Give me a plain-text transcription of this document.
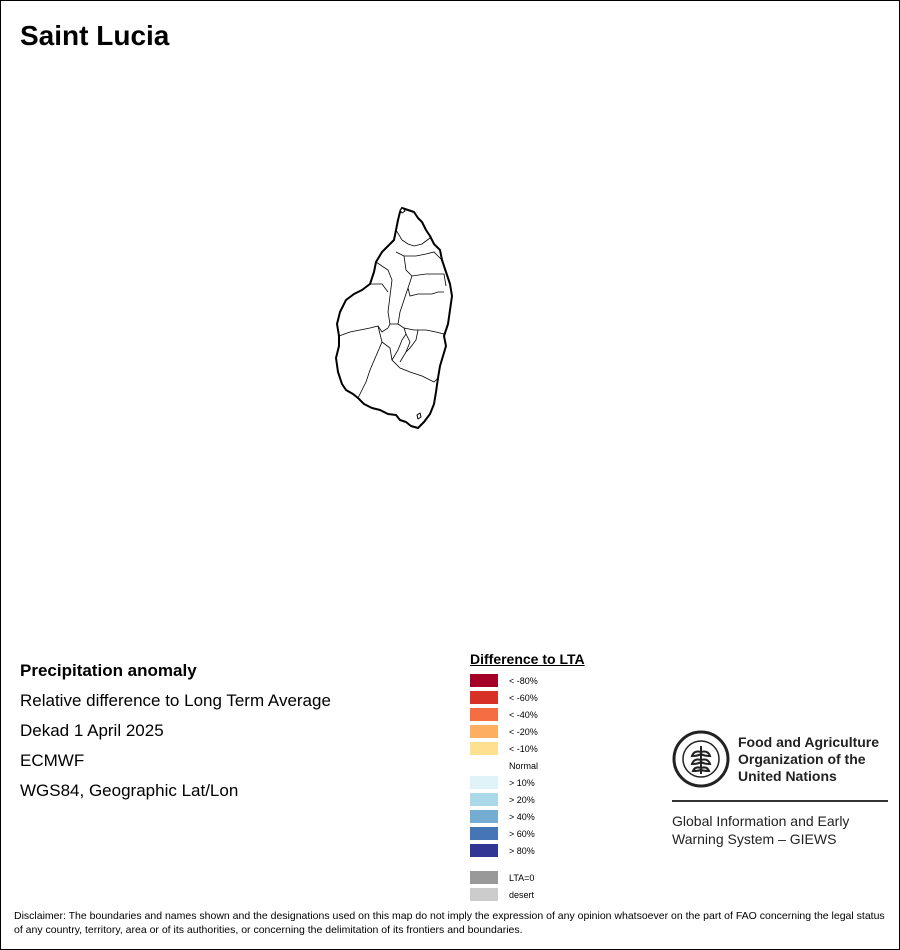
Saint Lucia
Precipitation anomaly
Relative difference to Long Term Average
Dekad 1 April 2025
ECMWF
WGS84, Geographic Lat/Lon
Difference to LTA
< -80%
< -60%
< -40%
< -20%
< -10%
Normal
> 10%
> 20%
> 40%
> 60%
> 80%
LTA=0
desert
Food and Agriculture
Organization of the
United Nations
Global Information and Early
Warning System – GIEWS
Disclaimer: The boundaries and names shown and the designations used on this map do not imply the expression of any opinion whatsoever on the part of FAO concerning the legal status of any country, territory, area or of its authorities, or concerning the delimitation of its frontiers and boundaries.
